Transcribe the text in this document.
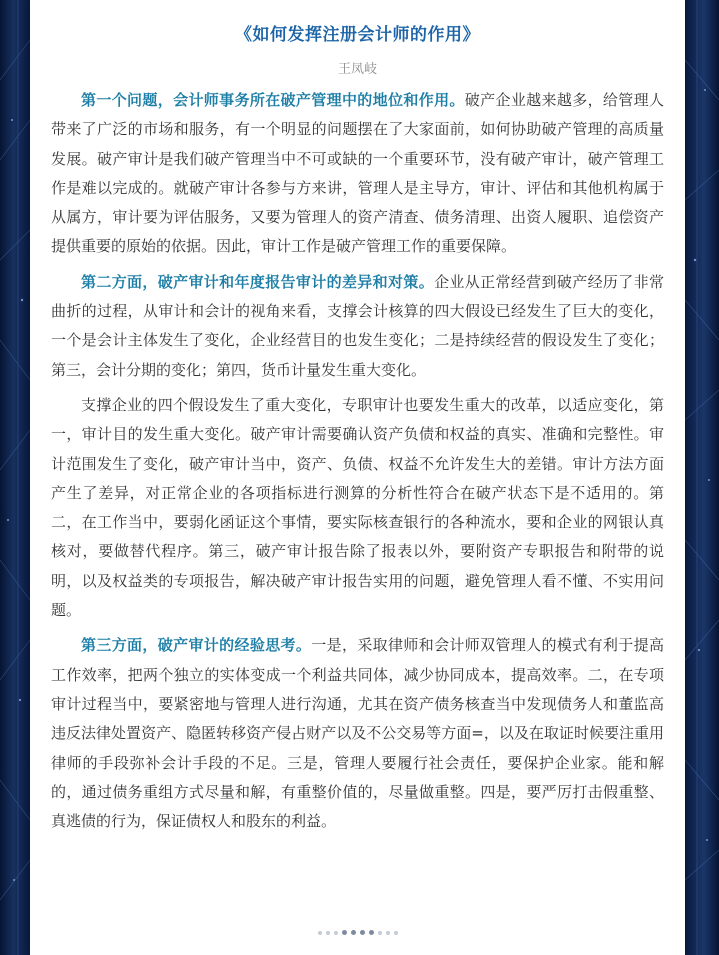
《如何发挥注册会计师的作用》
王凤岐

第一个问题，会计师事务所在破产管理中的地位和作用。破产企业越来越多，给管理人带来了广泛的市场和服务，有一个明显的问题摆在了大家面前，如何协助破产管理的高质量发展。破产审计是我们破产管理当中不可或缺的一个重要环节，没有破产审计，破产管理工作是难以完成的。就破产审计各参与方来讲，管理人是主导方，审计、评估和其他机构属于从属方，审计要为评估服务，又要为管理人的资产清查、债务清理、出资人履职、追偿资产提供重要的原始的依据。因此，审计工作是破产管理工作的重要保障。

第二方面，破产审计和年度报告审计的差异和对策。企业从正常经营到破产经历了非常曲折的过程，从审计和会计的视角来看，支撑会计核算的四大假设已经发生了巨大的变化，一个是会计主体发生了变化，企业经营目的也发生变化；二是持续经营的假设发生了变化；第三，会计分期的变化；第四，货币计量发生重大变化。

支撑企业的四个假设发生了重大变化，专职审计也要发生重大的改革，以适应变化，第一，审计目的发生重大变化。破产审计需要确认资产负债和权益的真实、准确和完整性。审计范围发生了变化，破产审计当中，资产、负债、权益不允许发生大的差错。审计方法方面产生了差异，对正常企业的各项指标进行测算的分析性符合在破产状态下是不适用的。第二，在工作当中，要弱化函证这个事情，要实际核查银行的各种流水，要和企业的网银认真核对，要做替代程序。第三，破产审计报告除了报表以外，要附资产专职报告和附带的说明，以及权益类的专项报告，解决破产审计报告实用的问题，避免管理人看不懂、不实用问题。

第三方面，破产审计的经验思考。一是，采取律师和会计师双管理人的模式有利于提高工作效率，把两个独立的实体变成一个利益共同体，减少协同成本，提高效率。二，在专项审计过程当中，要紧密地与管理人进行沟通，尤其在资产债务核查当中发现债务人和董监高违反法律处置资产、隐匿转移资产侵占财产以及不公交易等方面=，以及在取证时候要注重用律师的手段弥补会计手段的不足。三是，管理人要履行社会责任，要保护企业家。能和解的，通过债务重组方式尽量和解，有重整价值的，尽量做重整。四是，要严厉打击假重整、真逃债的行为，保证债权人和股东的利益。
